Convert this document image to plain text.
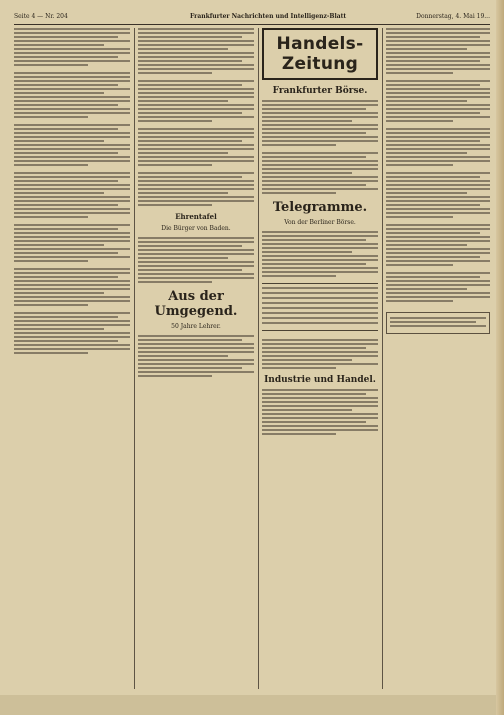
Seite 4 — Nr. 204	Frankfurter Nachrichten und Intelligenz-Blatt	Donnerstag, 4. Mai 19...
Ehrentafel
Die Bürger von Baden.
Aus der Umgegend.
50 Jahre Lehrer.
Handels-Zeitung
Frankfurter Börse.
Telegramme.
Von der Berliner Börse.
Industrie und Handel.
